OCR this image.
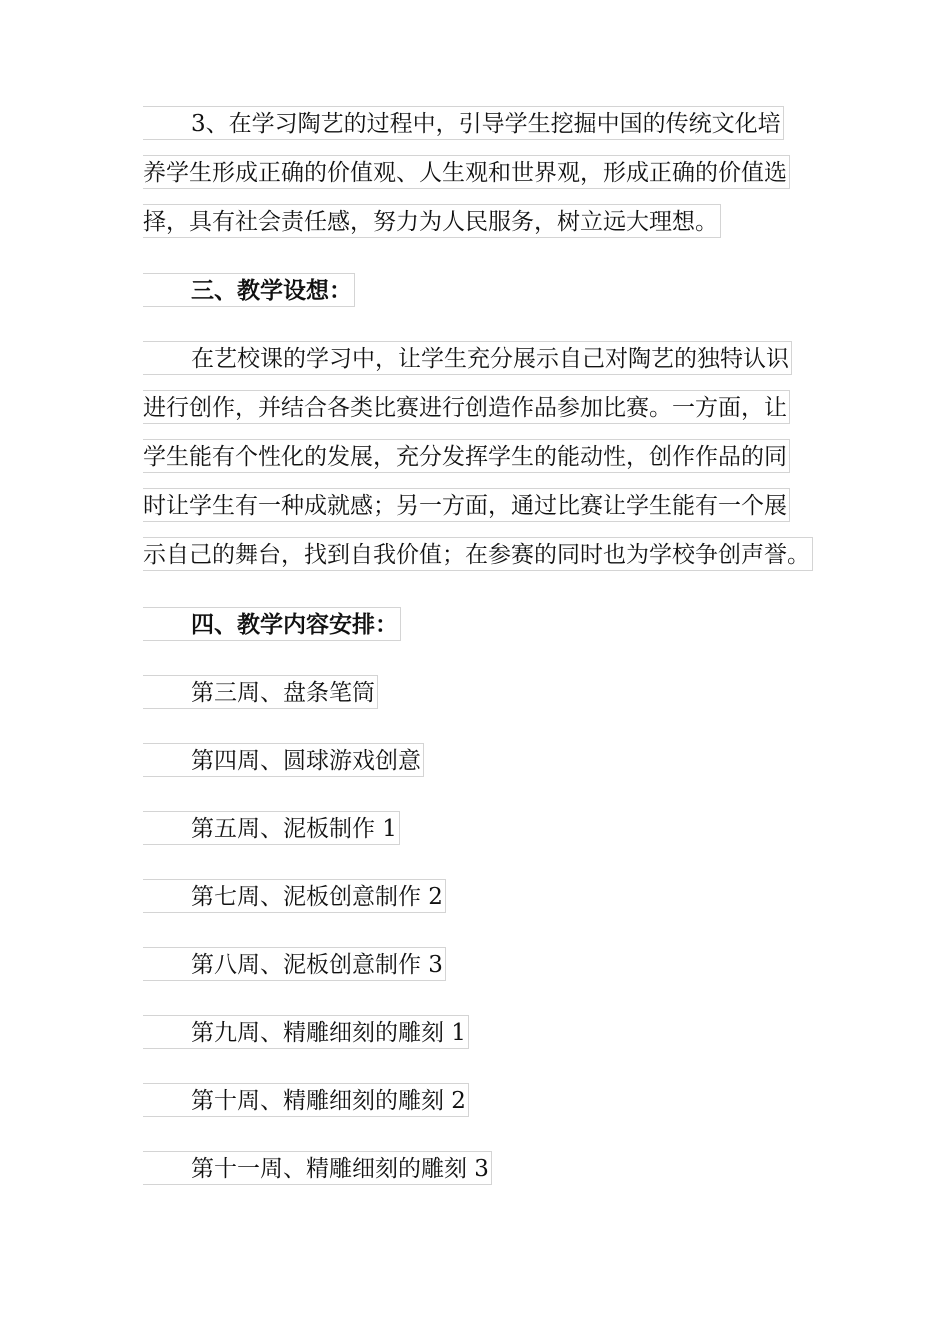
3、在学习陶艺的过程中，引导学生挖掘中国的传统文化培
养学生形成正确的价值观、人生观和世界观，形成正确的价值选
择，具有社会责任感，努力为人民服务，树立远大理想。
三、教学设想：
在艺校课的学习中，让学生充分展示自己对陶艺的独特认识
进行创作，并结合各类比赛进行创造作品参加比赛。一方面，让
学生能有个性化的发展，充分发挥学生的能动性，创作作品的同
时让学生有一种成就感；另一方面，通过比赛让学生能有一个展
示自己的舞台，找到自我价值；在参赛的同时也为学校争创声誉。
四、教学内容安排：
第三周、盘条笔筒
第四周、圆球游戏创意
第五周、泥板制作 1
第七周、泥板创意制作 2
第八周、泥板创意制作 3
第九周、精雕细刻的雕刻 1
第十周、精雕细刻的雕刻 2
第十一周、精雕细刻的雕刻 3
